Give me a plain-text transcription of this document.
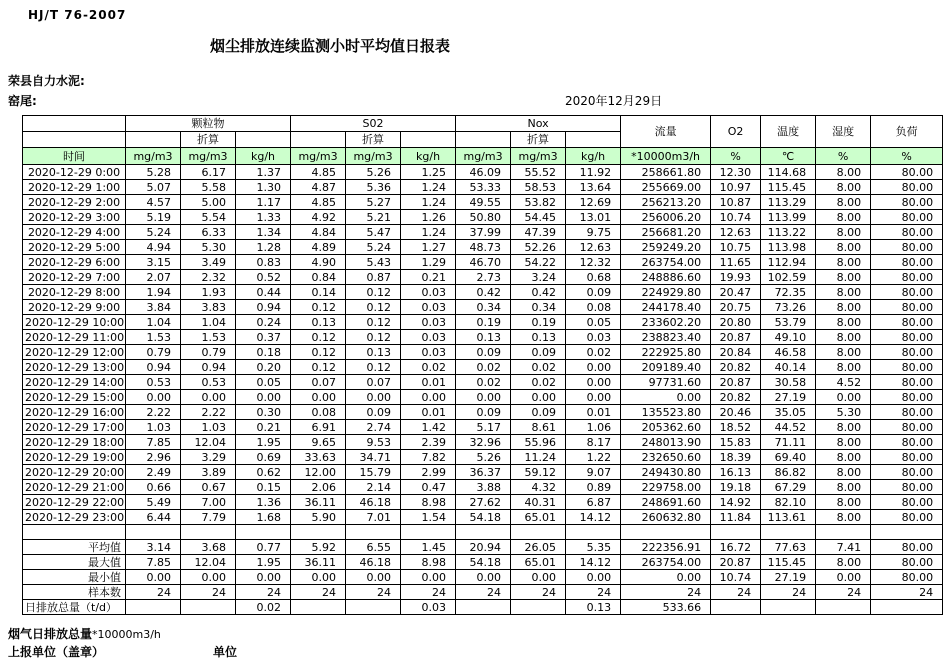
HJ/T 76-2007
烟尘排放连续监测小时平均值日报表
荣县自力水泥:
窑尾:	2020年12月29日
	颗粒物			S02			Nox			流量	O2	温度	湿度	负荷
		折算			折算			折算						
时间	mg/m3	mg/m3	kg/h	mg/m3	mg/m3	kg/h	mg/m3	mg/m3	kg/h	*10000m3/h	%	℃	%	%
2020-12-29 0:00	5.28	6.17	1.37	4.85	5.26	1.25	46.09	55.52	11.92	258661.80	12.30	114.68	8.00	80.00
2020-12-29 1:00	5.07	5.58	1.30	4.87	5.36	1.24	53.33	58.53	13.64	255669.00	10.97	115.45	8.00	80.00
2020-12-29 2:00	4.57	5.00	1.17	4.85	5.27	1.24	49.55	53.82	12.69	256213.20	10.87	113.29	8.00	80.00
2020-12-29 3:00	5.19	5.54	1.33	4.92	5.21	1.26	50.80	54.45	13.01	256006.20	10.74	113.99	8.00	80.00
2020-12-29 4:00	5.24	6.33	1.34	4.84	5.47	1.24	37.99	47.39	9.75	256681.20	12.63	113.22	8.00	80.00
2020-12-29 5:00	4.94	5.30	1.28	4.89	5.24	1.27	48.73	52.26	12.63	259249.20	10.75	113.98	8.00	80.00
2020-12-29 6:00	3.15	3.49	0.83	4.90	5.43	1.29	46.70	54.22	12.32	263754.00	11.65	112.94	8.00	80.00
2020-12-29 7:00	2.07	2.32	0.52	0.84	0.87	0.21	2.73	3.24	0.68	248886.60	19.93	102.59	8.00	80.00
2020-12-29 8:00	1.94	1.93	0.44	0.14	0.12	0.03	0.42	0.42	0.09	224929.80	20.47	72.35	8.00	80.00
2020-12-29 9:00	3.84	3.83	0.94	0.12	0.12	0.03	0.34	0.34	0.08	244178.40	20.75	73.26	8.00	80.00
2020-12-29 10:00	1.04	1.04	0.24	0.13	0.12	0.03	0.19	0.19	0.05	233602.20	20.80	53.79	8.00	80.00
2020-12-29 11:00	1.53	1.53	0.37	0.12	0.12	0.03	0.13	0.13	0.03	238823.40	20.87	49.10	8.00	80.00
2020-12-29 12:00	0.79	0.79	0.18	0.12	0.13	0.03	0.09	0.09	0.02	222925.80	20.84	46.58	8.00	80.00
2020-12-29 13:00	0.94	0.94	0.20	0.12	0.12	0.02	0.02	0.02	0.00	209189.40	20.82	40.14	8.00	80.00
2020-12-29 14:00	0.53	0.53	0.05	0.07	0.07	0.01	0.02	0.02	0.00	97731.60	20.87	30.58	4.52	80.00
2020-12-29 15:00	0.00	0.00	0.00	0.00	0.00	0.00	0.00	0.00	0.00	0.00	20.82	27.19	0.00	80.00
2020-12-29 16:00	2.22	2.22	0.30	0.08	0.09	0.01	0.09	0.09	0.01	135523.80	20.46	35.05	5.30	80.00
2020-12-29 17:00	1.03	1.03	0.21	6.91	2.74	1.42	5.17	8.61	1.06	205362.60	18.52	44.52	8.00	80.00
2020-12-29 18:00	7.85	12.04	1.95	9.65	9.53	2.39	32.96	55.96	8.17	248013.90	15.83	71.11	8.00	80.00
2020-12-29 19:00	2.96	3.29	0.69	33.63	34.71	7.82	5.26	11.24	1.22	232650.60	18.39	69.40	8.00	80.00
2020-12-29 20:00	2.49	3.89	0.62	12.00	15.79	2.99	36.37	59.12	9.07	249430.80	16.13	86.82	8.00	80.00
2020-12-29 21:00	0.66	0.67	0.15	2.06	2.14	0.47	3.88	4.32	0.89	229758.00	19.18	67.29	8.00	80.00
2020-12-29 22:00	5.49	7.00	1.36	36.11	46.18	8.98	27.62	40.31	6.87	248691.60	14.92	82.10	8.00	80.00
2020-12-29 23:00	6.44	7.79	1.68	5.90	7.01	1.54	54.18	65.01	14.12	260632.80	11.84	113.61	8.00	80.00

平均值	3.14	3.68	0.77	5.92	6.55	1.45	20.94	26.05	5.35	222356.91	16.72	77.63	7.41	80.00
最大值	7.85	12.04	1.95	36.11	46.18	8.98	54.18	65.01	14.12	263754.00	20.87	115.45	8.00	80.00
最小值	0.00	0.00	0.00	0.00	0.00	0.00	0.00	0.00	0.00	0.00	10.74	27.19	0.00	80.00
样本数	24	24	24	24	24	24	24	24	24	24	24	24	24	24
日排放总量（t/d）			0.02			0.03			0.13	533.66				
烟气日排放总量*10000m3/h
上报单位（盖章）	单位
